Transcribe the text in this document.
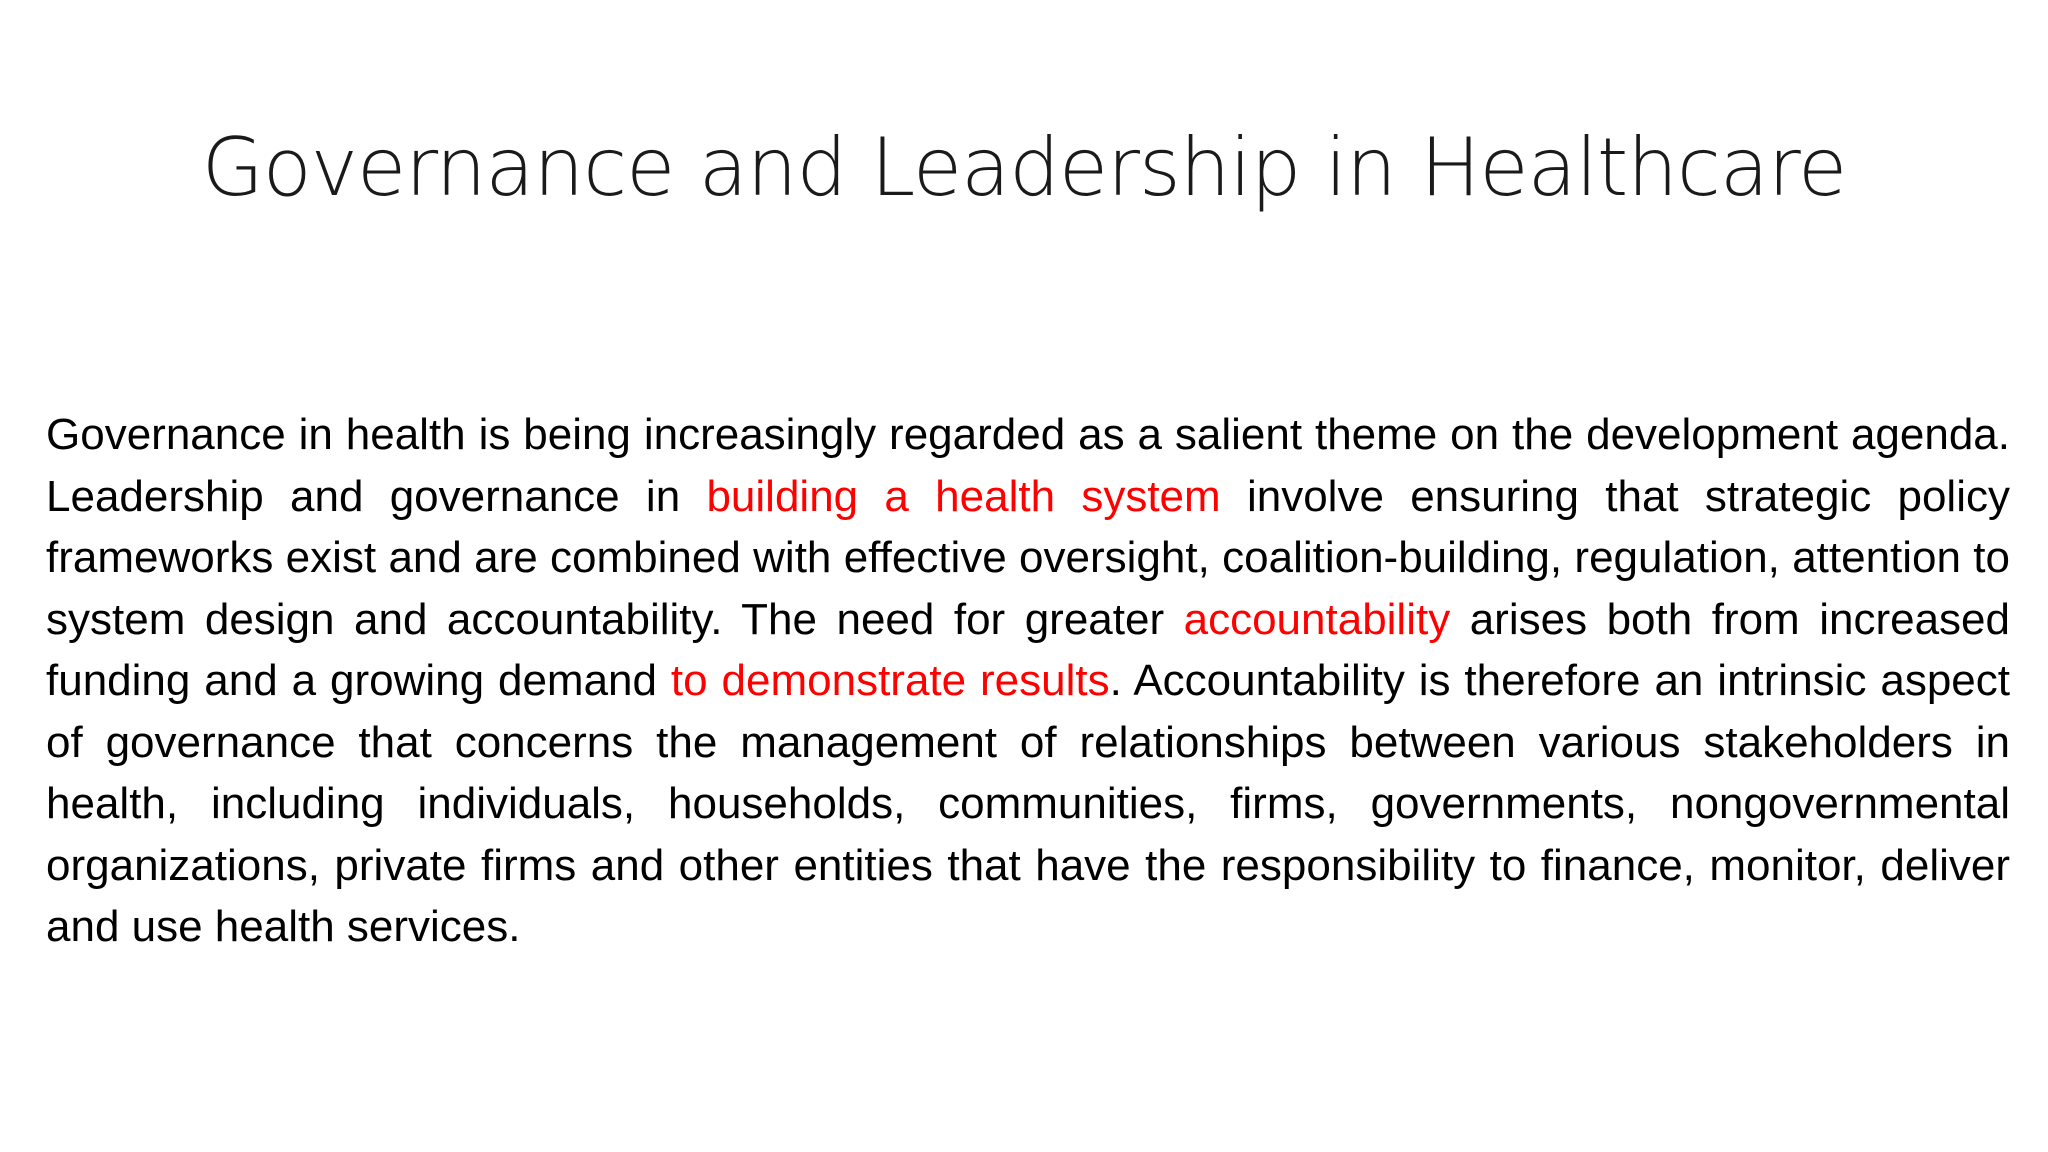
Governance and Leadership in Healthcare

Governance in health is being increasingly regarded as a salient theme on the development agenda. Leadership and governance in building a health system involve ensuring that strategic policy frameworks exist and are combined with effective oversight, coalition-building, regulation, attention to system design and accountability. The need for greater accountability arises both from increased funding and a growing demand to demonstrate results. Accountability is therefore an intrinsic aspect of governance that concerns the management of relationships between various stakeholders in health, including individuals, households, communities, firms, governments, nongovernmental organizations, private firms and other entities that have the responsibility to finance, monitor, deliver and use health services.
